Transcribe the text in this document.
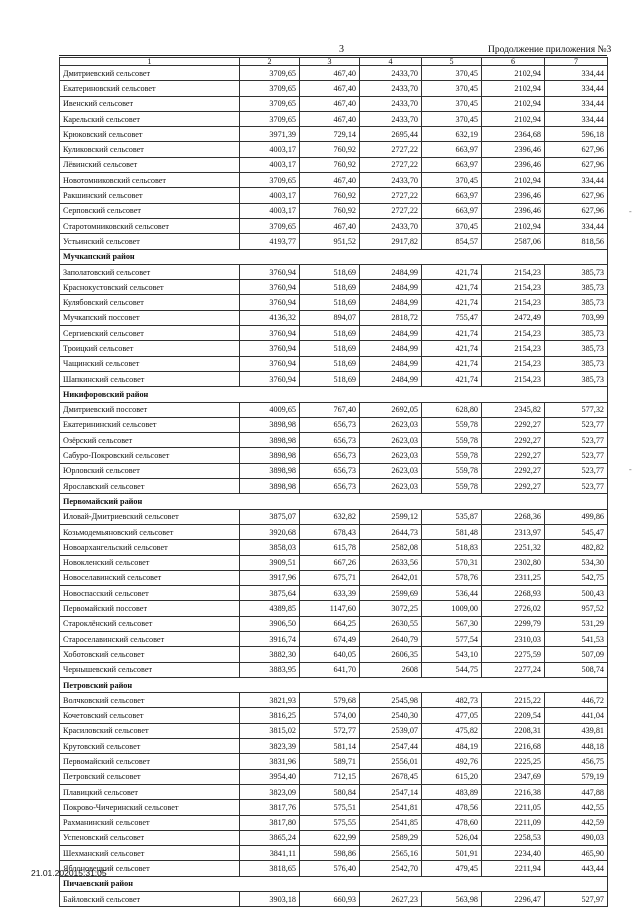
3	Продолжение приложения №3
1	2	3	4	5	6	7
Дмитриевский сельсовет	3709,65	467,40	2433,70	370,45	2102,94	334,44
Екатериновский сельсовет	3709,65	467,40	2433,70	370,45	2102,94	334,44
Ивенский сельсовет	3709,65	467,40	2433,70	370,45	2102,94	334,44
Карельский сельсовет	3709,65	467,40	2433,70	370,45	2102,94	334,44
Крюковский сельсовет	3971,39	729,14	2695,44	632,19	2364,68	596,18
Куликовский сельсовет	4003,17	760,92	2727,22	663,97	2396,46	627,96
Лёвинский сельсовет	4003,17	760,92	2727,22	663,97	2396,46	627,96
Новотомниковский сельсовет	3709,65	467,40	2433,70	370,45	2102,94	334,44
Ракшинский сельсовет	4003,17	760,92	2727,22	663,97	2396,46	627,96
Серповский сельсовет	4003,17	760,92	2727,22	663,97	2396,46	627,96
Старотомниковский сельсовет	3709,65	467,40	2433,70	370,45	2102,94	334,44
Устьинский сельсовет	4193,77	951,52	2917,82	854,57	2587,06	818,56
Мучкапский район						
Заполатовский сельсовет	3760,94	518,69	2484,99	421,74	2154,23	385,73
Краснокустовский сельсовет	3760,94	518,69	2484,99	421,74	2154,23	385,73
Кулябовский сельсовет	3760,94	518,69	2484,99	421,74	2154,23	385,73
Мучкапский поссовет	4136,32	894,07	2818,72	755,47	2472,49	703,99
Сергиевский сельсовет	3760,94	518,69	2484,99	421,74	2154,23	385,73
Троицкий сельсовет	3760,94	518,69	2484,99	421,74	2154,23	385,73
Чащинский сельсовет	3760,94	518,69	2484,99	421,74	2154,23	385,73
Шапкинский сельсовет	3760,94	518,69	2484,99	421,74	2154,23	385,73
Никифоровский район						
Дмитриевский поссовет	4009,65	767,40	2692,05	628,80	2345,82	577,32
Екатерининский сельсовет	3898,98	656,73	2623,03	559,78	2292,27	523,77
Озёрский сельсовет	3898,98	656,73	2623,03	559,78	2292,27	523,77
Сабуро-Покровский сельсовет	3898,98	656,73	2623,03	559,78	2292,27	523,77
Юрловский сельсовет	3898,98	656,73	2623,03	559,78	2292,27	523,77
Ярославский сельсовет	3898,98	656,73	2623,03	559,78	2292,27	523,77
Первомайский район						
Иловай-Дмитриевский сельсовет	3875,07	632,82	2599,12	535,87	2268,36	499,86
Козьмодемьяновский сельсовет	3920,68	678,43	2644,73	581,48	2313,97	545,47
Новоархангельский сельсовет	3858,03	615,78	2582,08	518,83	2251,32	482,82
Новокленский сельсовет	3909,51	667,26	2633,56	570,31	2302,80	534,30
Новоселавинский сельсовет	3917,96	675,71	2642,01	578,76	2311,25	542,75
Новоспасский сельсовет	3875,64	633,39	2599,69	536,44	2268,93	500,43
Первомайский поссовет	4389,85	1147,60	3072,25	1009,00	2726,02	957,52
Староклёнский сельсовет	3906,50	664,25	2630,55	567,30	2299,79	531,29
Староселавинский сельсовет	3916,74	674,49	2640,79	577,54	2310,03	541,53
Хоботовский сельсовет	3882,30	640,05	2606,35	543,10	2275,59	507,09
Чернышевский сельсовет	3883,95	641,70	2608	544,75	2277,24	508,74
Петровский район						
Волчковский сельсовет	3821,93	579,68	2545,98	482,73	2215,22	446,72
Кочетовский сельсовет	3816,25	574,00	2540,30	477,05	2209,54	441,04
Красиловский сельсовет	3815,02	572,77	2539,07	475,82	2208,31	439,81
Крутовский сельсовет	3823,39	581,14	2547,44	484,19	2216,68	448,18
Первомайский сельсовет	3831,96	589,71	2556,01	492,76	2225,25	456,75
Петровский сельсовет	3954,40	712,15	2678,45	615,20	2347,69	579,19
Плавицкий сельсовет	3823,09	580,84	2547,14	483,89	2216,38	447,88
Покрово-Чичеринский сельсовет	3817,76	575,51	2541,81	478,56	2211,05	442,55
Рахманинский сельсовет	3817,80	575,55	2541,85	478,60	2211,09	442,59
Успеновский сельсовет	3865,24	622,99	2589,29	526,04	2258,53	490,03
Шехманский сельсовет	3841,11	598,86	2565,16	501,91	2234,40	465,90
Яблоновецкий сельсовет	3818,65	576,40	2542,70	479,45	2211,94	443,44
Пичаевский район						
Байловский сельсовет	3903,18	660,93	2627,23	563,98	2296,47	527,97
-
-
21.01.202015:31:05
